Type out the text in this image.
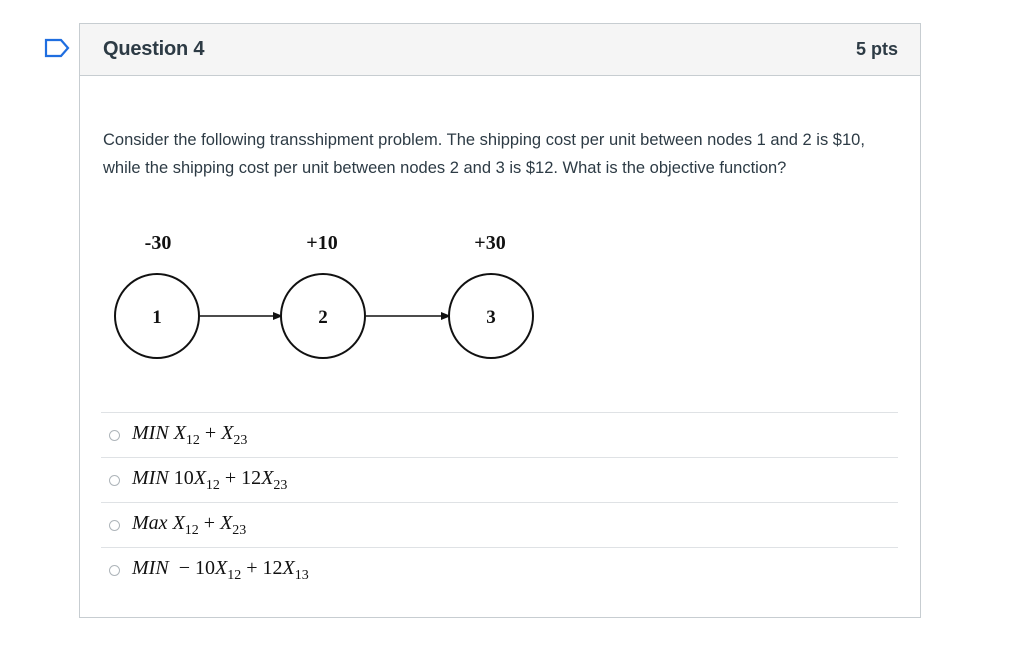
Question 4	5 pts
Consider the following transshipment problem. The shipping cost per unit between nodes 1 and 2 is $10, while the shipping cost per unit between nodes 2 and 3 is $12. What is the objective function?
-30	+10	+30
1	2	3
MIN $X_{12} + X_{23}$
MIN $10X_{12} + 12X_{23}$
Max $X_{12} + X_{23}$
MIN  − $10X_{12} + 12X_{13}$
